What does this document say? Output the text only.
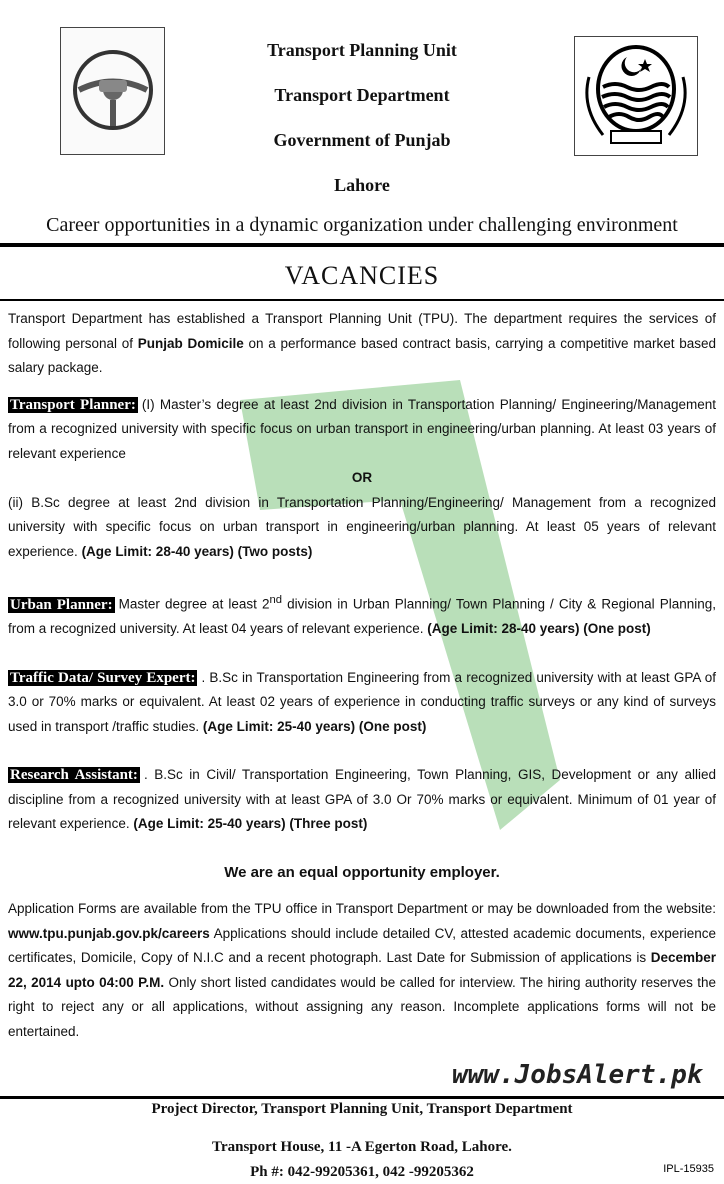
Transport Planning Unit
Transport Department
Government of Punjab
Lahore
Career opportunities in a dynamic organization under challenging environment
VACANCIES

Transport Department has established a Transport Planning Unit (TPU). The department requires the services of following personal of Punjab Domicile on a performance based contract basis, carrying a competitive market based salary package.

Transport Planner: (I) Master’s degree at least 2nd division in Transportation Planning/ Engineering/Management from a recognized university with specific focus on urban transport in engineering/urban planning. At least 03 years of relevant experience

OR

(ii) B.Sc degree at least 2nd division in Transportation Planning/Engineering/ Management from a recognized university with specific focus on urban transport in engineering/urban planning. At least 05 years of relevant experience. (Age Limit: 28-40 years) (Two posts)

Urban Planner: Master degree at least 2nd division in Urban Planning/ Town Planning / City & Regional Planning, from a recognized university. At least 04 years of relevant experience. (Age Limit: 28-40 years) (One post)

Traffic Data/ Survey Expert: . B.Sc in Transportation Engineering from a recognized university with at least GPA of 3.0 or 70% marks or equivalent. At least 02 years of experience in conducting traffic surveys or any kind of surveys used in transport /traffic studies. (Age Limit: 25-40 years) (One post)

Research Assistant: . B.Sc in Civil/ Transportation Engineering, Town Planning, GIS, Development or any allied discipline from a recognized university with at least GPA of 3.0 Or 70% marks or equivalent. Minimum of 01 year of relevant experience. (Age Limit: 25-40 years) (Three post)

We are an equal opportunity employer.

Application Forms are available from the TPU office in Transport Department or may be downloaded from the website: www.tpu.punjab.gov.pk/careers Applications should include detailed CV, attested academic documents, experience certificates, Domicile, Copy of N.I.C and a recent photograph. Last Date for Submission of applications is December 22, 2014 upto 04:00 P.M. Only short listed candidates would be called for interview. The hiring authority reserves the right to reject any or all applications, without assigning any reason. Incomplete applications forms will not be entertained.

www.JobsAlert.pk
Project Director, Transport Planning Unit, Transport Department
Transport House, 11 -A Egerton Road, Lahore.
Ph #: 042-99205361, 042 -99205362	IPL-15935
